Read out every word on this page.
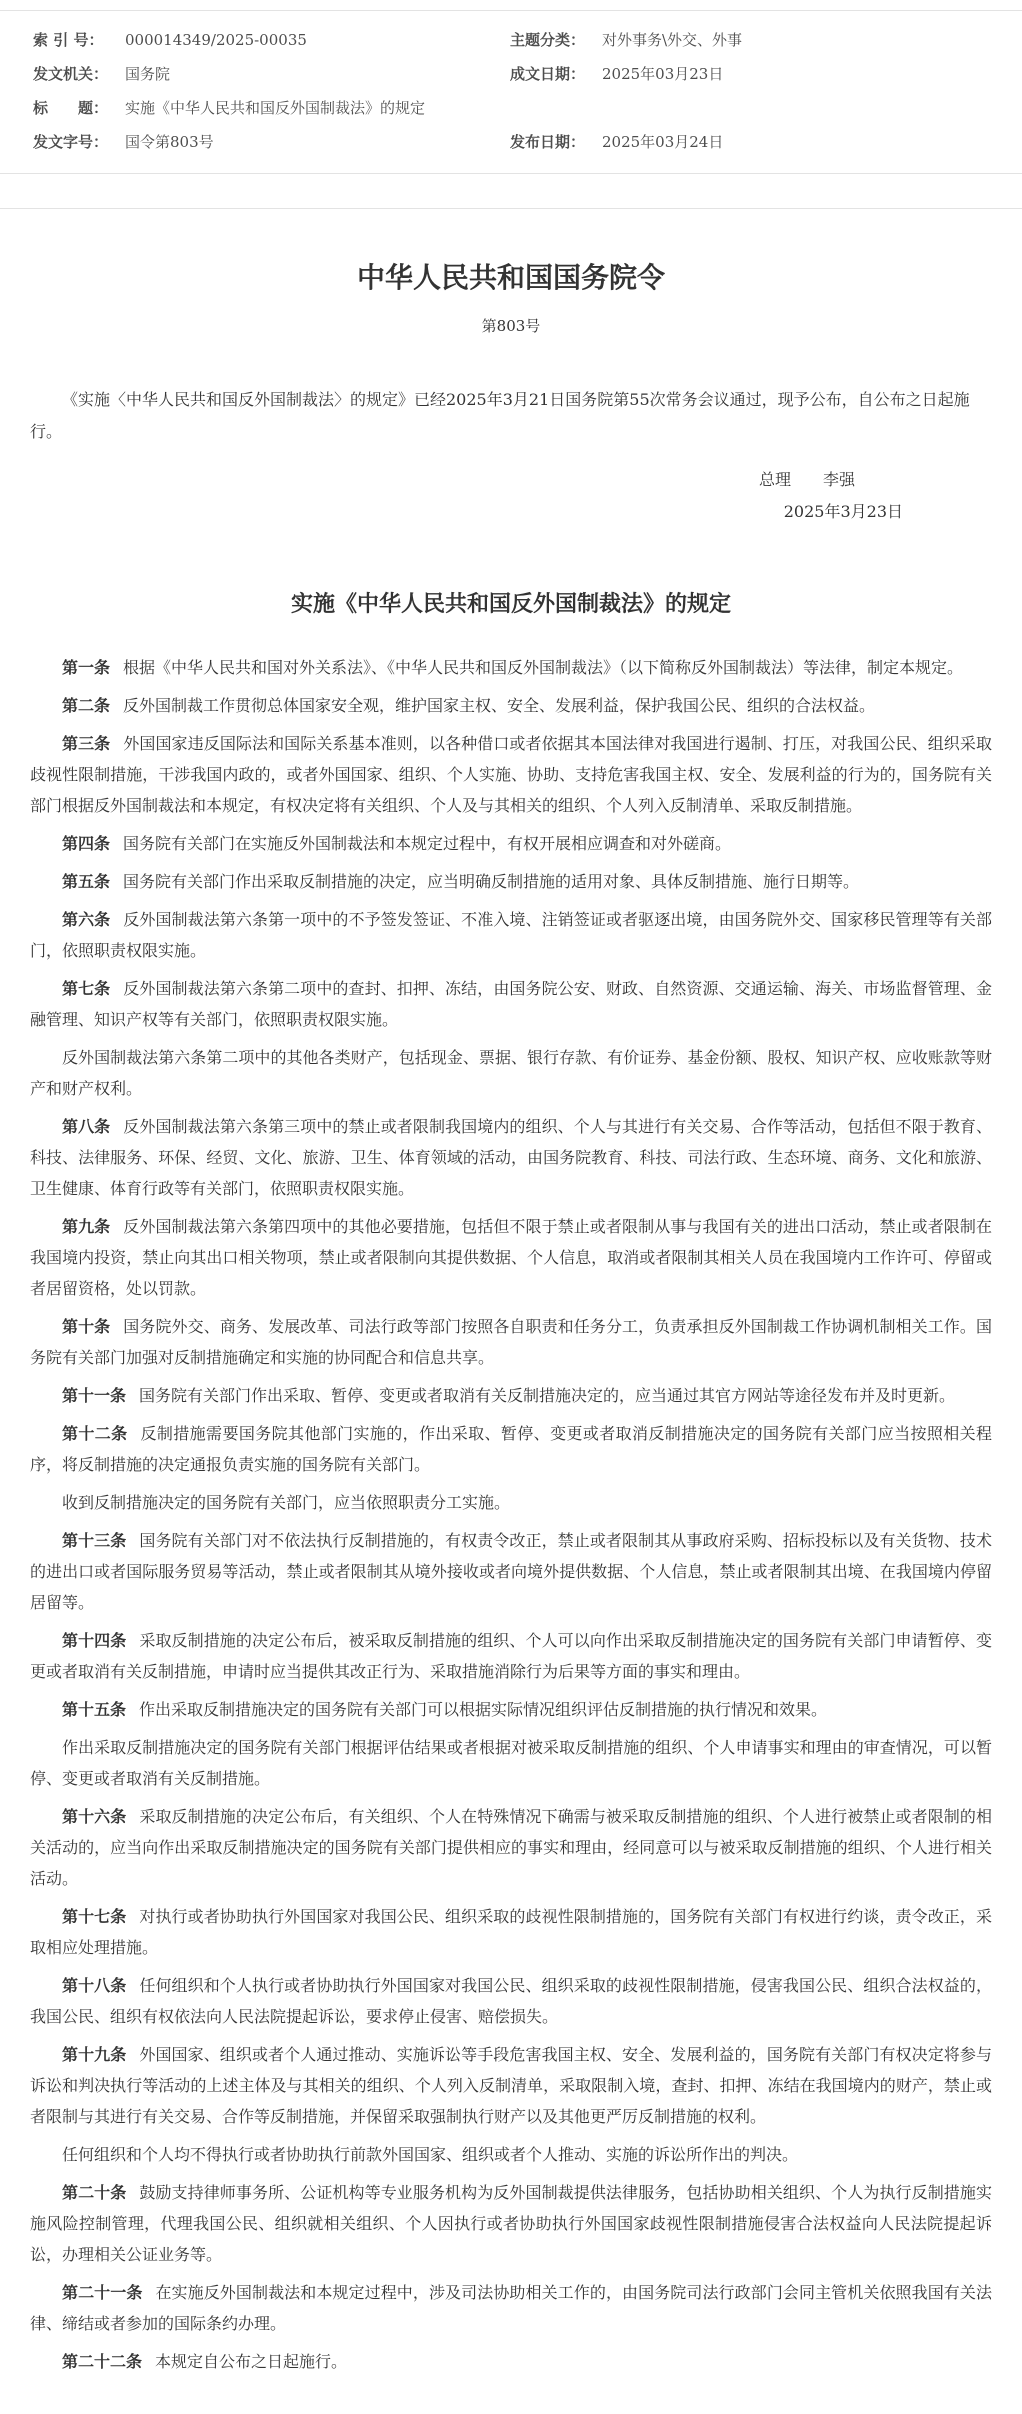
索 引 号：	000014349/2025-00035	主题分类：	对外事务\外交、外事
发文机关：	国务院	成文日期：	2025年03月23日
标　　题：	实施《中华人民共和国反外国制裁法》的规定
发文字号：	国令第803号	发布日期：	2025年03月24日
中华人民共和国国务院令
第803号

《实施〈中华人民共和国反外国制裁法〉的规定》已经2025年3月21日国务院第55次常务会议通过，现予公布，自公布之日起施行。

总理　　李强
2025年3月23日
实施《中华人民共和国反外国制裁法》的规定

第一条 根据《中华人民共和国对外关系法》、《中华人民共和国反外国制裁法》（以下简称反外国制裁法）等法律，制定本规定。

第二条 反外国制裁工作贯彻总体国家安全观，维护国家主权、安全、发展利益，保护我国公民、组织的合法权益。

第三条 外国国家违反国际法和国际关系基本准则，以各种借口或者依据其本国法律对我国进行遏制、打压，对我国公民、组织采取歧视性限制措施，干涉我国内政的，或者外国国家、组织、个人实施、协助、支持危害我国主权、安全、发展利益的行为的，国务院有关部门根据反外国制裁法和本规定，有权决定将有关组织、个人及与其相关的组织、个人列入反制清单、采取反制措施。

第四条 国务院有关部门在实施反外国制裁法和本规定过程中，有权开展相应调查和对外磋商。

第五条 国务院有关部门作出采取反制措施的决定，应当明确反制措施的适用对象、具体反制措施、施行日期等。

第六条 反外国制裁法第六条第一项中的不予签发签证、不准入境、注销签证或者驱逐出境，由国务院外交、国家移民管理等有关部门，依照职责权限实施。

第七条 反外国制裁法第六条第二项中的查封、扣押、冻结，由国务院公安、财政、自然资源、交通运输、海关、市场监督管理、金融管理、知识产权等有关部门，依照职责权限实施。

反外国制裁法第六条第二项中的其他各类财产，包括现金、票据、银行存款、有价证券、基金份额、股权、知识产权、应收账款等财产和财产权利。

第八条 反外国制裁法第六条第三项中的禁止或者限制我国境内的组织、个人与其进行有关交易、合作等活动，包括但不限于教育、科技、法律服务、环保、经贸、文化、旅游、卫生、体育领域的活动，由国务院教育、科技、司法行政、生态环境、商务、文化和旅游、卫生健康、体育行政等有关部门，依照职责权限实施。

第九条 反外国制裁法第六条第四项中的其他必要措施，包括但不限于禁止或者限制从事与我国有关的进出口活动，禁止或者限制在我国境内投资，禁止向其出口相关物项，禁止或者限制向其提供数据、个人信息，取消或者限制其相关人员在我国境内工作许可、停留或者居留资格，处以罚款。

第十条 国务院外交、商务、发展改革、司法行政等部门按照各自职责和任务分工，负责承担反外国制裁工作协调机制相关工作。国务院有关部门加强对反制措施确定和实施的协同配合和信息共享。

第十一条 国务院有关部门作出采取、暂停、变更或者取消有关反制措施决定的，应当通过其官方网站等途径发布并及时更新。

第十二条 反制措施需要国务院其他部门实施的，作出采取、暂停、变更或者取消反制措施决定的国务院有关部门应当按照相关程序，将反制措施的决定通报负责实施的国务院有关部门。

收到反制措施决定的国务院有关部门，应当依照职责分工实施。

第十三条 国务院有关部门对不依法执行反制措施的，有权责令改正，禁止或者限制其从事政府采购、招标投标以及有关货物、技术的进出口或者国际服务贸易等活动，禁止或者限制其从境外接收或者向境外提供数据、个人信息，禁止或者限制其出境、在我国境内停留居留等。

第十四条 采取反制措施的决定公布后，被采取反制措施的组织、个人可以向作出采取反制措施决定的国务院有关部门申请暂停、变更或者取消有关反制措施，申请时应当提供其改正行为、采取措施消除行为后果等方面的事实和理由。

第十五条 作出采取反制措施决定的国务院有关部门可以根据实际情况组织评估反制措施的执行情况和效果。

作出采取反制措施决定的国务院有关部门根据评估结果或者根据对被采取反制措施的组织、个人申请事实和理由的审查情况，可以暂停、变更或者取消有关反制措施。

第十六条 采取反制措施的决定公布后，有关组织、个人在特殊情况下确需与被采取反制措施的组织、个人进行被禁止或者限制的相关活动的，应当向作出采取反制措施决定的国务院有关部门提供相应的事实和理由，经同意可以与被采取反制措施的组织、个人进行相关活动。

第十七条 对执行或者协助执行外国国家对我国公民、组织采取的歧视性限制措施的，国务院有关部门有权进行约谈，责令改正，采取相应处理措施。

第十八条 任何组织和个人执行或者协助执行外国国家对我国公民、组织采取的歧视性限制措施，侵害我国公民、组织合法权益的，我国公民、组织有权依法向人民法院提起诉讼，要求停止侵害、赔偿损失。

第十九条 外国国家、组织或者个人通过推动、实施诉讼等手段危害我国主权、安全、发展利益的，国务院有关部门有权决定将参与诉讼和判决执行等活动的上述主体及与其相关的组织、个人列入反制清单，采取限制入境，查封、扣押、冻结在我国境内的财产，禁止或者限制与其进行有关交易、合作等反制措施，并保留采取强制执行财产以及其他更严厉反制措施的权利。

任何组织和个人均不得执行或者协助执行前款外国国家、组织或者个人推动、实施的诉讼所作出的判决。

第二十条 鼓励支持律师事务所、公证机构等专业服务机构为反外国制裁提供法律服务，包括协助相关组织、个人为执行反制措施实施风险控制管理，代理我国公民、组织就相关组织、个人因执行或者协助执行外国国家歧视性限制措施侵害合法权益向人民法院提起诉讼，办理相关公证业务等。

第二十一条 在实施反外国制裁法和本规定过程中，涉及司法协助相关工作的，由国务院司法行政部门会同主管机关依照我国有关法律、缔结或者参加的国际条约办理。

第二十二条 本规定自公布之日起施行。
